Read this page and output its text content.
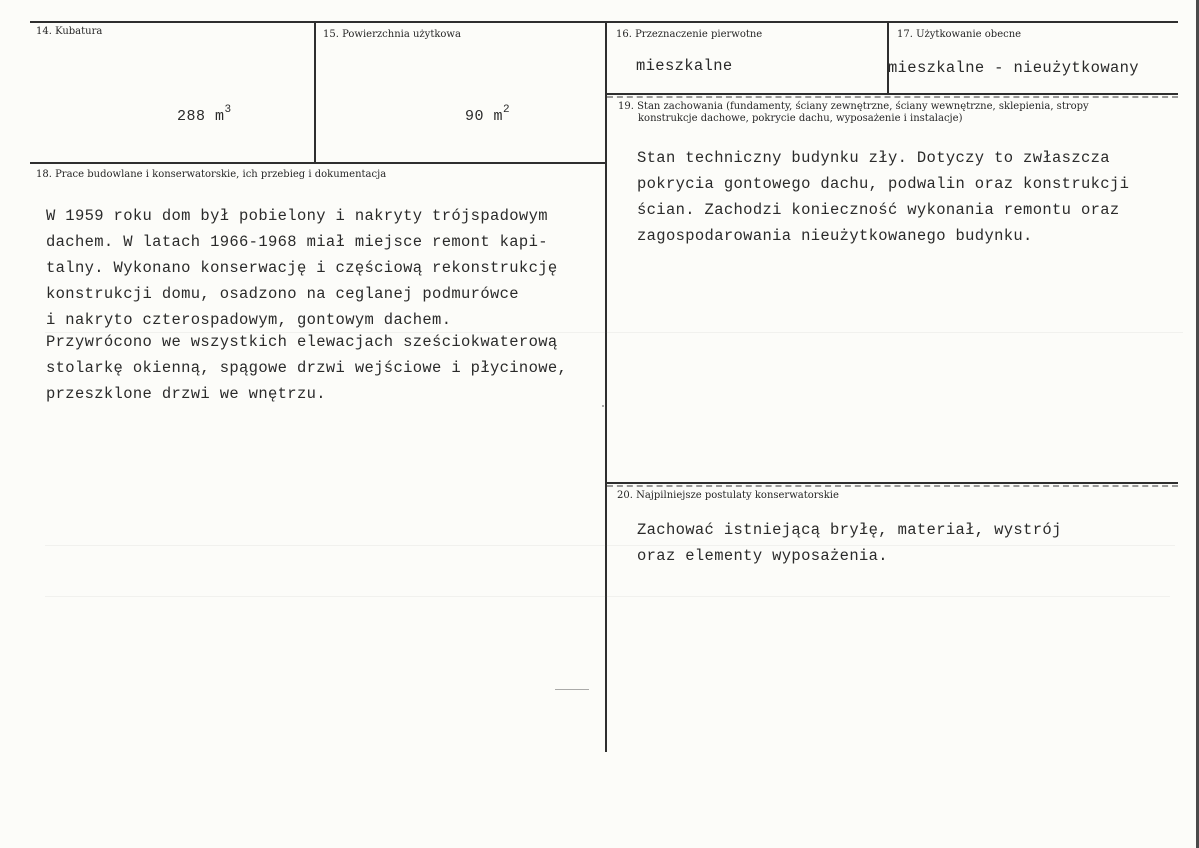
14. Kubatura
288 $m^3$
15. Powierzchnia użytkowa
90 $m^2$
16. Przeznaczenie pierwotne
mieszkalne
17. Użytkowanie obecne
mieszkalne - nieużytkowany
19. Stan zachowania (fundamenty, ściany zewnętrzne, ściany wewnętrzne, sklepienia, stropy
konstrukcje dachowe, pokrycie dachu, wyposażenie i instalacje)
Stan techniczny budynku zły. Dotyczy to zwłaszcza
pokrycia gontowego dachu, podwalin oraz konstrukcji
ścian. Zachodzi konieczność wykonania remontu oraz
zagospodarowania nieużytkowanego budynku.
18. Prace budowlane i konserwatorskie, ich przebieg i dokumentacja
W 1959 roku dom był pobielony i nakryty trójspadowym
dachem. W latach 1966-1968 miał miejsce remont kapi-
talny. Wykonano konserwację i częściową rekonstrukcję
konstrukcji domu, osadzono na ceglanej podmurówce
i nakryto czterospadowym, gontowym dachem.
Przywrócono we wszystkich elewacjach sześciokwaterową
stolarkę okienną, spągowe drzwi wejściowe i płycinowe,
przeszklone drzwi we wnętrzu.
20. Najpilniejsze postulaty konserwatorskie
Zachować istniejącą bryłę, materiał, wystrój
oraz elementy wyposażenia.
